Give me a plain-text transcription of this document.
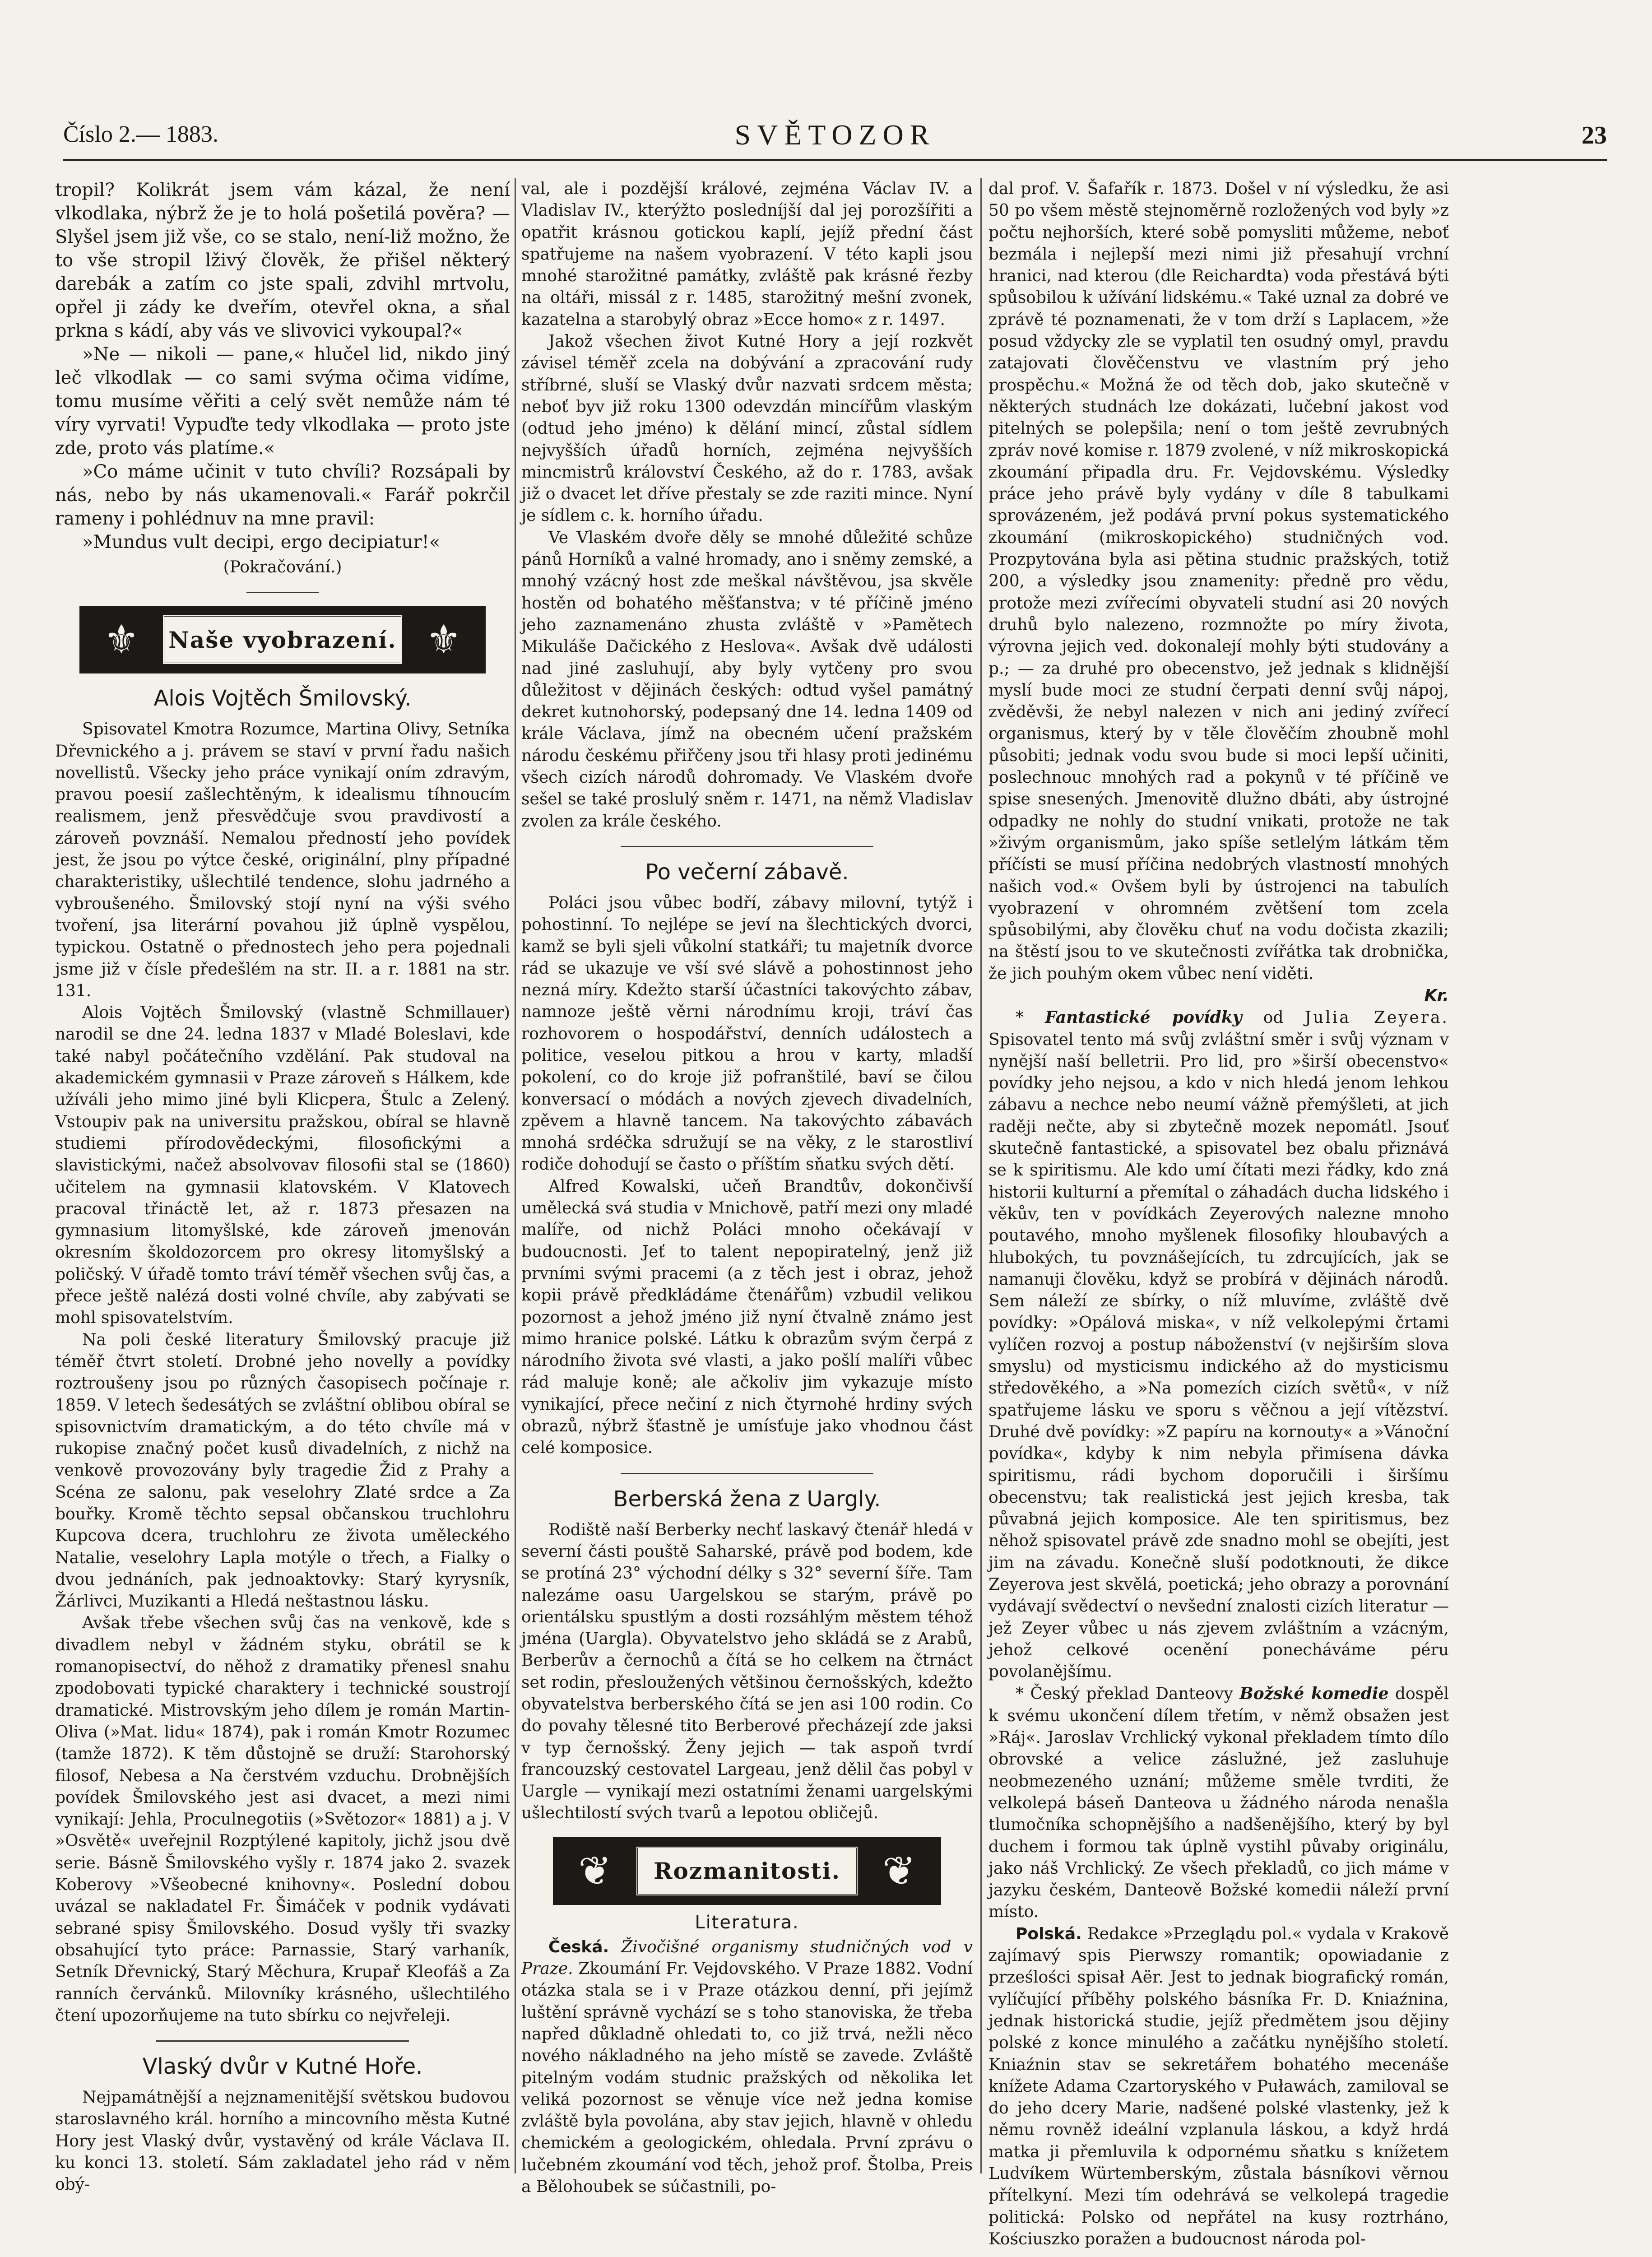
Číslo 2.— 1883.	SVĚTOZOR	23

tropil? Kolikrát jsem vám kázal, že není vlkodlaka, nýbrž že je to holá pošetilá pověra? — Slyšel jsem již vše, co se stalo, není-liž možno, že to vše stropil lživý člověk, že přišel některý darebák a zatím co jste spali, zdvihl mrtvolu, opřel ji zády ke dveřím, otevřel okna, a sňal prkna s kádí, aby vás ve slivovici vykoupal?«

»Ne — nikoli — pane,« hlučel lid, nikdo jiný leč vlkodlak — co sami svýma očima vidíme, tomu musíme věřiti a celý svět nemůže nám té víry vyrvati! Vypuďte tedy vlkodlaka — proto jste zde, proto vás platíme.«

»Co máme učinit v tuto chvíli? Rozsápali by nás, nebo by nás ukamenovali.« Farář pokrčil rameny i pohlédnuv na mne pravil:

»Mundus vult decipi, ergo decipiatur!«

(Pokračování.)

⚜	Naše vyobrazení. ⚜
Alois Vojtěch Šmilovský.

Spisovatel Kmotra Rozumce, Martina Olivy, Setníka Dřevnického a j. právem se staví v první řadu našich novellistů. Všecky jeho práce vynikají oním zdravým, pravou poesií zašlechtěným, k idealismu tíhnoucím realismem, jenž přesvědčuje svou pravdivostí a zároveň povznáší. Nemalou předností jeho povídek jest, že jsou po výtce české, originální, plny případné charakteristiky, ušlechtilé tendence, slohu jadrného a vybroušeného. Šmilovský stojí nyní na výši svého tvoření, jsa literární povahou již úplně vyspělou, typickou. Ostatně o přednostech jeho pera pojednali jsme již v čísle předešlém na str. II. a r. 1881 na str. 131.

Alois Vojtěch Šmilovský (vlastně Schmillauer) narodil se dne 24. ledna 1837 v Mladé Boleslavi, kde také nabyl počátečního vzdělání. Pak studoval na akademickém gymnasii v Praze zároveň s Hálkem, kde užíváli jeho mimo jiné byli Klicpera, Štulc a Zelený. Vstoupiv pak na universitu pražskou, obíral se hlavně studiemi přírodovědeckými, filosofickými a slavistickými, načež absolvovav filosofii stal se (1860) učitelem na gymnasii klatovském. V Klatovech pracoval třináctě let, až r. 1873 přesazen na gymnasium litomyšlské, kde zároveň jmenován okresním školdozorcem pro okresy litomyšlský a poličský. V úřadě tomto tráví téměř všechen svůj čas, a přece ještě nalézá dosti volné chvíle, aby zabývati se mohl spisovatelstvím.

Na poli české literatury Šmilovský pracuje již téměř čtvrt století. Drobné jeho novelly a povídky roztroušeny jsou po různých časopisech počínaje r. 1859. V letech šedesátých se zvláštní oblibou obíral se spisovnictvím dramatickým, a do této chvíle má v rukopise značný počet kusů divadelních, z nichž na venkově provozovány byly tragedie Žid z Prahy a Scéna ze salonu, pak veselohry Zlaté srdce a Za bouřky. Kromě těchto sepsal občanskou truchlohru Kupcova dcera, truchlohru ze života uměleckého Natalie, veselohry Lapla motýle o třech, a Fialky o dvou jednáních, pak jednoaktovky: Starý kyrysník, Žárlivci, Muzikanti a Hledá neštastnou lásku.

Avšak třebe všechen svůj čas na venkově, kde s divadlem nebyl v žádném styku, obrátil se k romanopisectví, do něhož z dramatiky přenesl snahu zpodobovati typické charaktery i technické soustrojí dramatické. Mistrovským jeho dílem je román Martin-Oliva (»Mat. lidu« 1874), pak i román Kmotr Rozumec (tamže 1872). K těm důstojně se druží: Starohorský filosof, Nebesa a Na čerstvém vzduchu. Drobnějších povídek Šmilovského jest asi dvacet, a mezi nimi vynikají: Jehla, Proculnegotiis (»Světozor« 1881) a j. V »Osvětě« uveřejnil Rozptýlené kapitoly, jichž jsou dvě serie. Básně Šmilovského vyšly r. 1874 jako 2. svazek Koberovy »Všeobecné knihovny«. Poslední dobou uvázal se nakladatel Fr. Šimáček v podnik vydávati sebrané spisy Šmilovského. Dosud vyšly tři svazky obsahující tyto práce: Parnassie, Starý varhaník, Setník Dřevnický, Starý Měchura, Krupař Kleofáš a Za ranních červánků. Milovníky krásného, ušlechtilého čtení upozorňujeme na tuto sbírku co nejvřeleji.

Vlaský dvůr v Kutné Hoře.

Nejpamátnější a nejznamenitější světskou budovou staroslavného král. horního a mincovního města Kutné Hory jest Vlaský dvůr, vystavěný od krále Václava II. ku konci 13. století. Sám zakladatel jeho rád v něm obý-

val, ale i pozdější králové, zejména Václav IV. a Vladislav IV., kterýžto posledníjší dal jej porozšířiti a opatřit krásnou gotickou kaplí, jejíž přední část spatřujeme na našem vyobrazení. V této kapli jsou mnohé starožitné památky, zvláště pak krásné řezby na oltáři, missál z r. 1485, starožitný mešní zvonek, kazatelna a starobylý obraz »Ecce homo« z r. 1497.

Jakož všechen život Kutné Hory a její rozkvět závisel téměř zcela na dobývání a zpracování rudy stříbrné, sluší se Vlaský dvůr nazvati srdcem města; neboť byv již roku 1300 odevzdán mincířům vlaským (odtud jeho jméno) k dělání mincí, zůstal sídlem nejvyšších úřadů horních, zejména nejvyšších mincmistrů království Českého, až do r. 1783, avšak již o dvacet let dříve přestaly se zde raziti mince. Nyní je sídlem c. k. horního úřadu.

Ve Vlaském dvoře děly se mnohé důležité schůze pánů Horníků a valné hromady, ano i sněmy zemské, a mnohý vzácný host zde meškal návštěvou, jsa skvěle hostěn od bohatého měšťanstva; v té příčině jméno jeho zaznamenáno zhusta zvláště v »Pamětech Mikuláše Dačického z Heslova«. Avšak dvě události nad jiné zasluhují, aby byly vytčeny pro svou důležitost v dějinách českých: odtud vyšel památný dekret kutnohorský, podepsaný dne 14. ledna 1409 od krále Václava, jímž na obecném učení pražském národu českému přiřčeny jsou tři hlasy proti jedinému všech cizích národů dohromady. Ve Vlaském dvoře sešel se také proslulý sněm r. 1471, na němž Vladislav zvolen za krále českého.

Po večerní zábavě.

Poláci jsou vůbec bodří, zábavy milovní, tytýž i pohostinní. To nejlépe se jeví na šlechtických dvorci, kamž se byli sjeli vůkolní statkáři; tu majetník dvorce rád se ukazuje ve vší své slávě a pohostinnost jeho nezná míry. Kdežto starší účastníci takovýchto zábav, namnoze ještě věrni národnímu kroji, tráví čas rozhovorem o hospodářství, denních událostech a politice, veselou pitkou a hrou v karty, mladší pokolení, co do kroje již pofranštilé, baví se čilou konversací o módách a nových zjevech divadelních, zpěvem a hlavně tancem. Na takovýchto zábavách mnohá srdéčka sdružují se na věky, z le starostliví rodiče dohodují se často o příštím sňatku svých dětí.

Alfred Kowalski, učeň Brandtův, dokončivší umělecká svá studia v Mnichově, patří mezi ony mladé malíře, od nichž Poláci mnoho očekávají v budoucnosti. Jeť to talent nepopiratelný, jenž již prvními svými pracemi (a z těch jest i obraz, jehož kopii právě předkládáme čtenářům) vzbudil velikou pozornost a jehož jméno již nyní čtvalně známo jest mimo hranice polské. Látku k obrazům svým čerpá z národního života své vlasti, a jako pošlí malíři vůbec rád maluje koně; ale ačkoliv jim vykazuje místo vynikající, přece nečiní z nich čtyrnohé hrdiny svých obrazů, nýbrž šťastně je umísťuje jako vhodnou část celé komposice.

Berberská žena z Uargly.

Rodiště naší Berberky nechť laskavý čtenář hledá v severní části pouště Saharské, právě pod bodem, kde se protíná 23° východní délky s 32° severní šíře. Tam nalezáme oasu Uargelskou se starým, právě po orientálsku spustlým a dosti rozsáhlým městem téhož jména (Uargla). Obyvatelstvo jeho skládá se z Arabů, Berberův a černochů a čítá se ho celkem na čtrnáct set rodin, přesloužených většinou černošských, kdežto obyvatelstva berberského čítá se jen asi 100 rodin. Co do povahy tělesné tito Berberové přecházejí zde jaksi v typ černošský. Ženy jejich — tak aspoň tvrdí francouzský cestovatel Largeau, jenž dělil čas pobyl v Uargle — vynikají mezi ostatními ženami uargelskými ušlechtilostí svých tvarů a lepotou obličejů.

❦	Rozmanitosti.	❦
Literatura.

Česká. Živočišné organismy studničných vod v Praze. Zkoumání Fr. Vejdovského. V Praze 1882. Vodní otázka stala se i v Praze otázkou denní, při jejímž luštění správně vychází se s toho stanoviska, že třeba napřed důkladně ohledati to, co již trvá, nežli něco nového nákladného na jeho místě se zavede. Zvláště pitelným vodám studnic pražských od několika let veliká pozornost se věnuje více než jedna komise zvláště byla povolána, aby stav jejich, hlavně v ohledu chemickém a geologickém, ohledala. První zprávu o lučebném zkoumání vod těch, jehož prof. Štolba, Preis a Bělohoubek se súčastnili, po-

dal prof. V. Šafařík r. 1873. Došel v ní výsledku, že asi 50 po všem městě stejnoměrně rozložených vod byly »z počtu nejhorších, které sobě pomysliti můžeme, neboť bezmála i nejlepší mezi nimi již přesahují vrchní hranici, nad kterou (dle Reichardta) voda přestává býti spůsobilou k užívání lidskému.« Také uznal za dobré ve zprávě té poznamenati, že v tom drží s Laplacem, »že posud vždycky zle se vyplatil ten osudný omyl, pravdu zatajovati člověčenstvu ve vlastním prý jeho prospěchu.« Možná že od těch dob, jako skutečně v některých studnách lze dokázati, lučební jakost vod pitelných se polepšila; není o tom ještě zevrubných zpráv nové komise r. 1879 zvolené, v níž mikroskopická zkoumání připadla dru. Fr. Vejdovskému. Výsledky práce jeho právě byly vydány v díle 8 tabulkami sprovázeném, jež podává první pokus systematického zkoumání (mikroskopického) studničných vod. Prozpytována byla asi pětina studnic pražských, totiž 200, a výsledky jsou znamenity: předně pro vědu, protože mezi zvířecími obyvateli studní asi 20 nových druhů bylo nalezeno, rozmnožte po míry života, výrovna jejich ved. dokonalejí mohly býti studovány a p.; — za druhé pro obecenstvo, jež jednak s klidnější myslí bude moci ze studní čerpati denní svůj nápoj, zvěděvši, že nebyl nalezen v nich ani jediný zvířecí organismus, který by v těle člověčím zhoubně mohl působiti; jednak vodu svou bude si moci lepší učiniti, poslechnouc mnohých rad a pokynů v té příčině ve spise snesených. Jmenovitě dlužno dbáti, aby ústrojné odpadky ne nohly do studní vnikati, protože ne tak »živým organismům, jako spíše setlelým látkám těm příčísti se musí příčina nedobrých vlastností mnohých našich vod.« Ovšem byli by ústrojenci na tabulích vyobrazení v ohromném zvětšení tom zcela spůsobilými, aby člověku chuť na vodu dočista zkazili; na štěstí jsou to ve skutečnosti zvířátka tak drobnička, že jich pouhým okem vůbec není viděti.

Kr.

* Fantastické povídky od Julia Zeyera. Spisovatel tento má svůj zvláštní směr i svůj význam v nynější naší belletrii. Pro lid, pro »širší obecenstvo« povídky jeho nejsou, a kdo v nich hledá jenom lehkou zábavu a nechce nebo neumí vážně přemýšleti, at jich raději nečte, aby si zbytečně mozek nepomátl. Jsouť skutečně fantastické, a spisovatel bez obalu přiznává se k spiritismu. Ale kdo umí čítati mezi řádky, kdo zná historii kulturní a přemítal o záhadách ducha lidského i věkův, ten v povídkách Zeyerových nalezne mnoho poutavého, mnoho myšlenek filosofiky hloubavých a hlubokých, tu povznášejících, tu zdrcujících, jak se namanuji člověku, když se probírá v dějinách národů. Sem náleží ze sbírky, o níž mluvíme, zvláště dvě povídky: »Opálová miska«, v níž velkolepými črtami vylíčen rozvoj a postup náboženství (v nejširším slova smyslu) od mysticismu indického až do mysticismu středověkého, a »Na pomezích cizích světů«, v níž spatřujeme lásku ve sporu s věčnou a její vítězství. Druhé dvě povídky: »Z papíru na kornouty« a »Vánoční povídka«, kdyby k nim nebyla přimísena dávka spiritismu, rádi bychom doporučili i širšímu obecenstvu; tak realistická jest jejich kresba, tak půvabná jejich komposice. Ale ten spiritismus, bez něhož spisovatel právě zde snadno mohl se obejíti, jest jim na závadu. Konečně sluší podotknouti, že dikce Zeyerova jest skvělá, poetická; jeho obrazy a porovnání vydávají svědectví o nevšední znalosti cizích literatur — jež Zeyer vůbec u nás zjevem zvláštním a vzácným, jehož celkové ocenění ponecháváme péru povolanějšímu.

* Český překlad Danteovy Božské komedie dospěl k svému ukončení dílem třetím, v němž obsažen jest »Ráj«. Jaroslav Vrchlický vykonal překladem tímto dílo obrovské a velice záslužné, jež zasluhuje neobmezeného uznání; můžeme směle tvrditi, že velkolepá báseň Danteova u žádného národa nenašla tlumočníka schopnějšího a nadšenějšího, který by byl duchem i formou tak úplně vystihl půvaby originálu, jako náš Vrchlický. Ze všech překladů, co jich máme v jazyku českém, Danteově Božské komedii náleží první místo.

Polská. Redakce »Przeglądu pol.« vydala v Krakově zajímavý spis Pierwszy romantik; opowiadanie z prześlości spisał Aër. Jest to jednak biografický román, vylíčující příběhy polského básníka Fr. D. Kniaźnina, jednak historická studie, jejíž předmětem jsou dějiny polské z konce minulého a začátku nynějšího století. Kniaźnin stav se sekretářem bohatého mecenáše knížete Adama Czartoryského v Puławách, zamiloval se do jeho dcery Marie, nadšené polské vlastenky, jež k němu rovněž ideální vzplanula láskou, a když hrdá matka ji přemluvila k odpornému sňatku s knížetem Ludvíkem Würtemberským, zůstala básníkovi věrnou přítelkyní. Mezi tím odehrává se velkolepá tragedie politická: Polsko od nepřátel na kusy roztrháno, Kościuszko poražen a budoucnost národa pol-
